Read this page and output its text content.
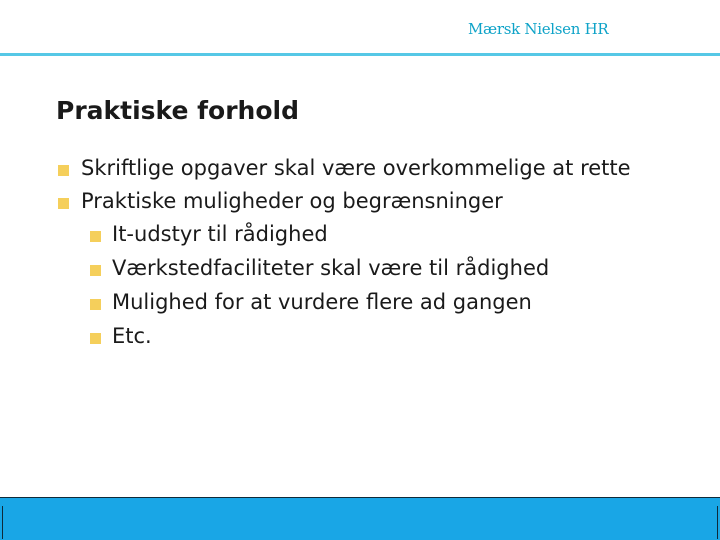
Mærsk Nielsen HR
Praktiske forhold
Skriftlige opgaver skal være overkommelige at rette
Praktiske muligheder og begrænsninger
It-udstyr til rådighed
Værkstedfaciliteter skal være til rådighed
Mulighed for at vurdere flere ad gangen
Etc.
